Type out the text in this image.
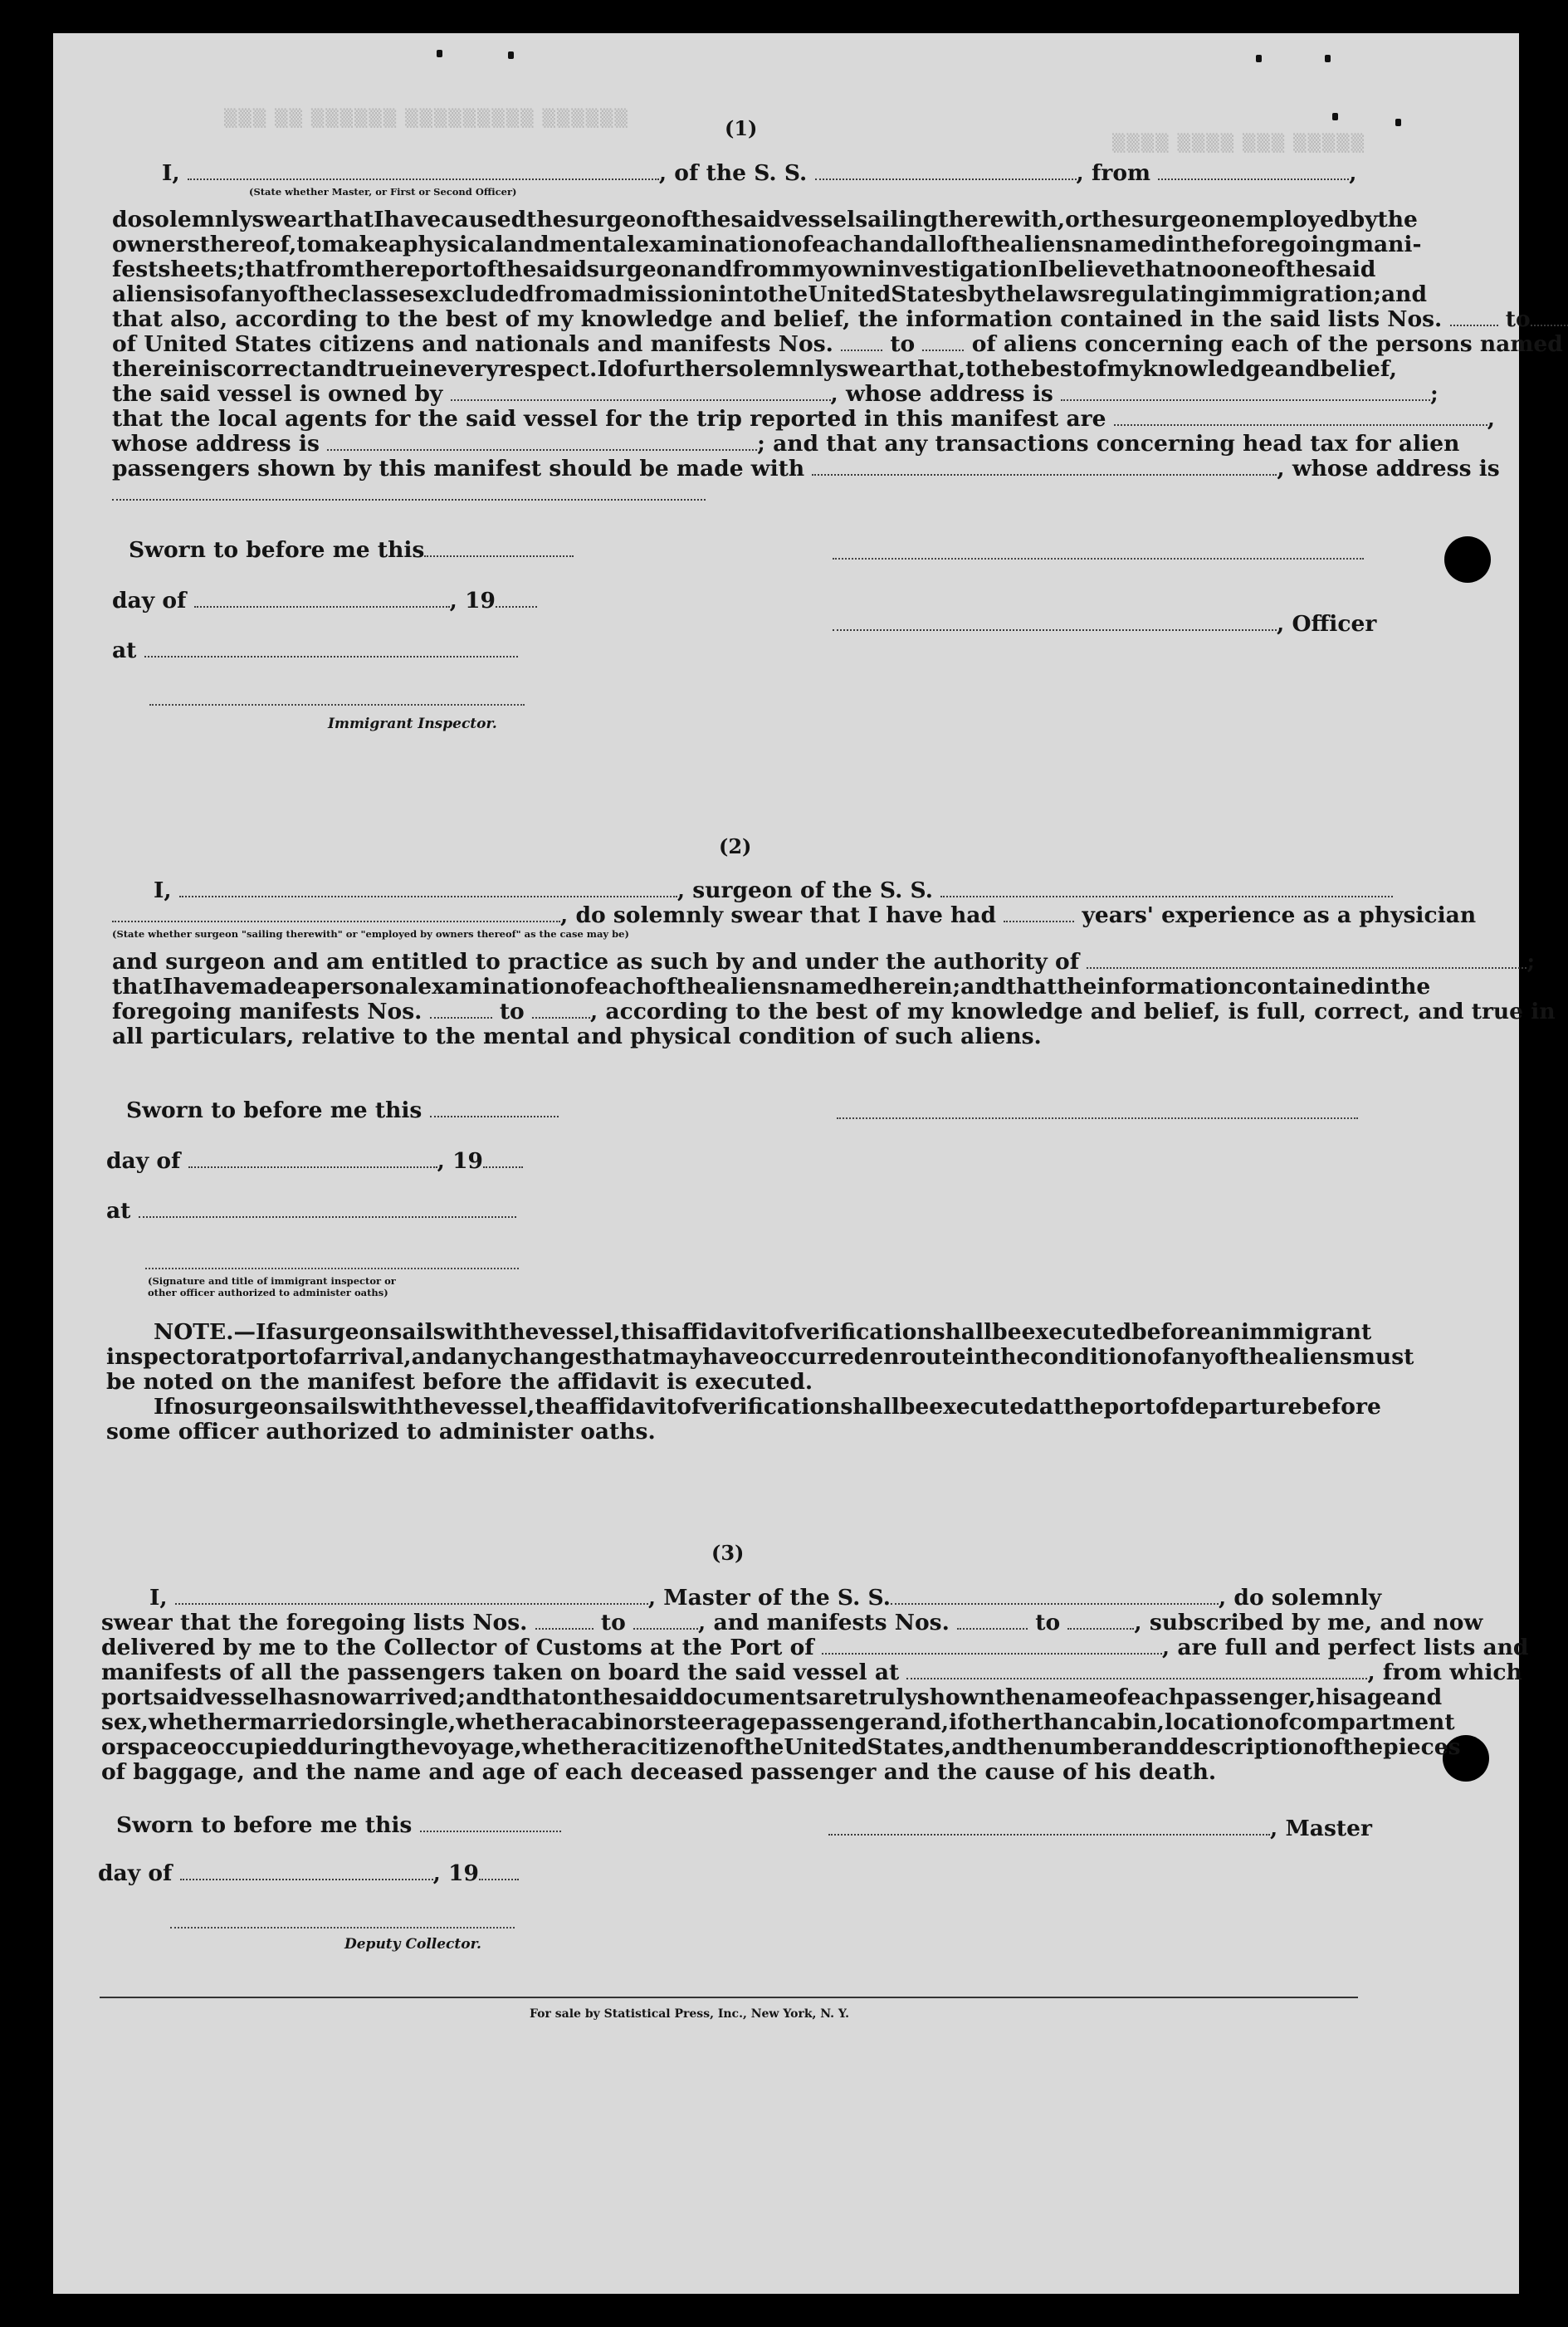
▒▒▒ ▒▒ ▒▒▒▒▒▒ ▒▒▒▒▒▒▒▒▒ ▒▒▒▒▒▒
▒▒▒▒ ▒▒▒▒ ▒▒▒ ▒▒▒▒▒
(1)
I,	, of the S. S.	, from	,
(State whether Master, or First or Second Officer)
do solemnly swear that I have caused the surgeon of the said vessel sailing therewith, or the surgeon employed by the
owners thereof, to make a physical and mental examination of each and all of the aliens named in the foregoing mani-
fest sheets; that from the report of the said surgeon and from my own investigation I believe that no one of the said
aliens is of any of the classes excluded from admission into the United States by the laws regulating immigration; and
that also, according to the best of my knowledge and belief, the information contained in the said lists Nos.	to
of United States citizens and nationals and manifests Nos.	to	of aliens concerning each of the persons named
therein is correct and true in every respect. I do further solemnly swear that, to the best of my knowledge and belief,
the said vessel is owned by	, whose address is	;
that the local agents for the said vessel for the trip reported in this manifest are	,
whose address is	; and that any transactions concerning head tax for alien
passengers shown by this manifest should be made with	, whose address is
Sworn to before me this
day of	, 19
, Officer
at
Immigrant Inspector.
(2)
I,	, surgeon of the S. S.
, do solemnly swear that I have had	years' experience as a physician
(State whether surgeon "sailing therewith" or "employed by owners thereof" as the case may be)
and surgeon and am entitled to practice as such by and under the authority of	;
that I have made a personal examination of each of the aliens named herein; and that the information contained in the
foregoing manifests Nos.	to	, according to the best of my knowledge and belief, is full, correct, and true in
all particulars, relative to the mental and physical condition of such aliens.
Sworn to before me this
day of	, 19
at
(Signature and title of immigrant inspector or
other officer authorized to administer oaths)
NOTE.—If a surgeon sails with the vessel, this affidavit of verification shall be executed before an immigrant
inspector at port of arrival, and any changes that may have occurred en route in the condition of any of the aliens must
be noted on the manifest before the affidavit is executed.
If no surgeon sails with the vessel, the affidavit of verification shall be executed at the port of departure before
some officer authorized to administer oaths.
(3)
I,	, Master of the S. S.	, do solemnly
swear that the foregoing lists Nos.	to	, and manifests Nos.	to	, subscribed by me, and now
delivered by me to the Collector of Customs at the Port of	, are full and perfect lists and
manifests of all the passengers taken on board the said vessel at	, from which
port said vessel has now arrived; and that on the said documents are truly shown the name of each passenger, his age and
sex, whether married or single, whether a cabin or steerage passenger and, if other than cabin, location of compartment
or space occupied during the voyage, whether a citizen of the United States, and the number and description of the pieces
of baggage, and the name and age of each deceased passenger and the cause of his death.
Sworn to before me this	, Master
day of	, 19
Deputy Collector.
For sale by Statistical Press, Inc., New York, N. Y.
